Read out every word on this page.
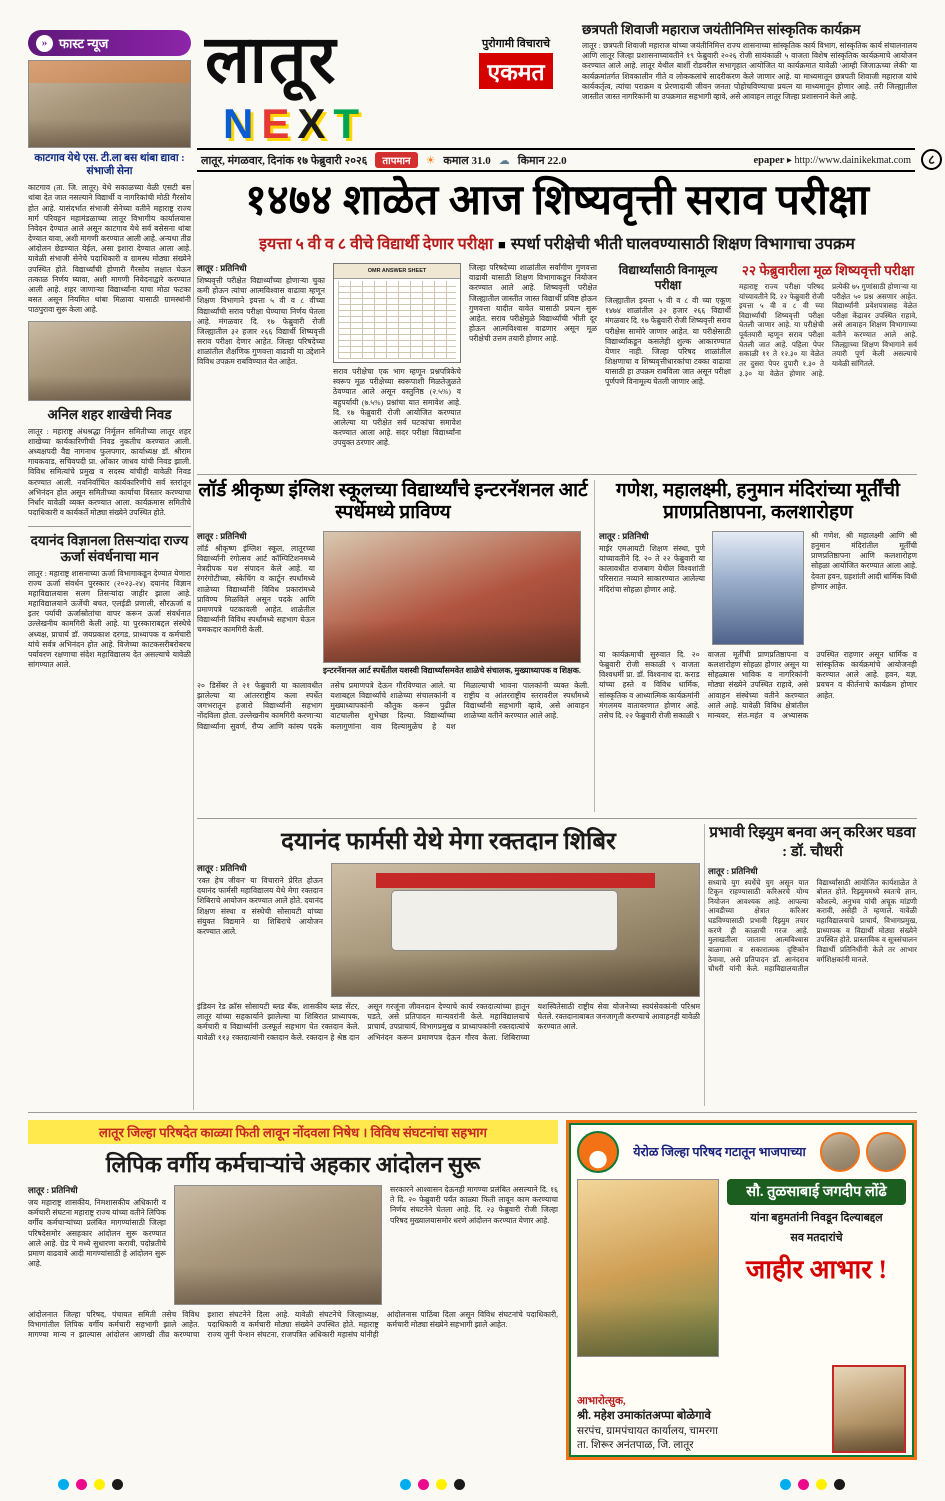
» फास्ट न्यूज
काटगाव येथे एस. टी.ला बस थांबा द्यावा : संभाजी सेना
काटगाव (ता. जि. लातूर) येथे सकाळच्या वेळी एसटी बस थांबा देत जात नसल्याने विद्यार्थी व नागरिकांची मोठी गैरसोय होत आहे. यासंदर्भात संभाजी सेनेच्या वतीने महाराष्ट्र राज्य मार्ग परिवहन महामंडळाच्या लातूर विभागीय कार्यालयास निवेदन देण्यात आले असून काटगाव येथे सर्व बसेसना थांबा देण्यात यावा, अशी मागणी करण्यात आली आहे. अन्यथा तीव्र आंदोलन छेडण्यात येईल, असा इशारा देण्यात आला आहे. यावेळी संभाजी सेनेचे पदाधिकारी व ग्रामस्थ मोठ्या संख्येने उपस्थित होते. विद्यार्थ्यांची होणारी गैरसोय लक्षात घेऊन तत्काळ निर्णय घ्यावा, अशी मागणी निवेदनाद्वारे करण्यात आली आहे. शहर जाणाऱ्या विद्यार्थ्यांना याचा मोठा फटका बसत असून नियमित थांबा मिळावा यासाठी ग्रामस्थांनी पाठपुरावा सुरू केला आहे.
अनिल शहर शाखेची निवड
लातूर : महाराष्ट्र अंधश्रद्धा निर्मूलन समितीच्या लातूर शहर शाखेच्या कार्यकारिणीची निवड नुकतीच करण्यात आली. अध्यक्षपदी वैद्य नागनाथ फुलपगार, कार्याध्यक्ष डॉ. श्रीराम गायकवाड, सचिवपदी प्रा. ओंकार जाधव यांची निवड झाली. विविध समित्यांचे प्रमुख व सदस्य यांचीही यावेळी निवड करण्यात आली. नवनिर्वाचित कार्यकारिणीचे सर्व स्तरांतून अभिनंदन होत असून समितीच्या कार्याचा विस्तार करण्याचा निर्धार यावेळी व्यक्त करण्यात आला. कार्यक्रमास समितीचे पदाधिकारी व कार्यकर्ते मोठ्या संख्येने उपस्थित होते.
दयानंद विज्ञानला तिसऱ्यांदा राज्य ऊर्जा संवर्धनाचा मान
लातूर : महाराष्ट्र शासनाच्या ऊर्जा विभागाकडून देण्यात येणारा राज्य ऊर्जा संवर्धन पुरस्कार (२०२३-२४) दयानंद विज्ञान महाविद्यालयास सलग तिसऱ्यांदा जाहीर झाला आहे. महाविद्यालयाने ऊर्जेची बचत, एलईडी प्रणाली, सौरऊर्जा व इतर पर्यायी ऊर्जास्रोतांचा वापर करून ऊर्जा संवर्धनात उल्लेखनीय कामगिरी केली आहे. या पुरस्काराबद्दल संस्थेचे अध्यक्ष, प्राचार्य डॉ. जयप्रकाश दरगड, प्राध्यापक व कर्मचारी यांचे सर्वत्र अभिनंदन होत आहे. विजेच्या काटकसरीबरोबरच पर्यावरण रक्षणाचा संदेश महाविद्यालय देत असल्याचे यावेळी सांगण्यात आले.
लातूर
NEXT
पुरोगामी विचाराचे
एकमत
छत्रपती शिवाजी महाराज जयंतीनिमित्त सांस्कृतिक कार्यक्रम
लातूर : छत्रपती शिवाजी महाराज यांच्या जयंतीनिमित्त राज्य शासनाच्या सांस्कृतिक कार्य विभाग, सांस्कृतिक कार्य संचालनालय आणि लातूर जिल्हा प्रशासनाच्यावतीने १९ फेब्रुवारी २०२६ रोजी सायंकाळी ५ वाजता विशेष सांस्कृतिक कार्यक्रमाचे आयोजन करण्यात आले आहे. लातूर येथील बार्शी रोडवरील सभागृहात आयोजित या कार्यक्रमात यावेळी 'आम्ही जिजाऊच्या लेकी' या कार्यक्रमांतर्गत शिवकालीन गीते व लोककलांचे सादरीकरण केले जाणार आहे. या माध्यमातून छत्रपती शिवाजी महाराज यांचे कार्यकर्तृत्व, त्यांचा पराक्रम व प्रेरणादायी जीवन जनता पोहोचविण्याचा प्रयत्न या माध्यमातून होणार आहे. तरी जिल्ह्यातील जास्तीत जास्त नागरिकांनी या उपक्रमात सहभागी व्हावे, असे आवाहन लातूर जिल्हा प्रशासनाने केले आहे.
लातूर, मंगळवार, दिनांक १७ फेब्रुवारी २०२६	तापमान	☀ कमाल 31.0 ☁ किमान 22.0	epaper ▸ http://www.dainikekmat.com	८
१४७४ शाळेत आज शिष्यवृत्ती सराव परीक्षा
इयत्ता ५ वी व ८ वीचे विद्यार्थी देणार परीक्षा ■ स्पर्धा परीक्षेची भीती घालवण्यासाठी शिक्षण विभागाचा उपक्रम
लातूर : प्रतिनिधी
शिष्यवृत्ती परीक्षेत विद्यार्थ्यांच्या होणाऱ्या चुका कमी होऊन त्यांचा आत्मविश्वास वाढावा म्हणून शिक्षण विभागाने इयत्ता ५ वी व ८ वीच्या विद्यार्थ्यांची सराव परीक्षा घेण्याचा निर्णय घेतला आहे. मंगळवार दि. १७ फेब्रुवारी रोजी जिल्ह्यातील ३२ हजार २६६ विद्यार्थी शिष्यवृत्ती सराव परीक्षा देणार आहेत. जिल्हा परिषदेच्या शाळांतील शैक्षणिक गुणवत्ता वाढावी या उद्देशाने विविध उपक्रम राबविण्यात येत आहेत.
OMR ANSWER SHEET
सराव परीक्षेचा एक भाग म्हणून प्रश्नपत्रिकेचे स्वरूप मूळ परीक्षेच्या स्वरूपाशी मिळतेजुळते ठेवण्यात आले असून वस्तुनिष्ठ (२.५%) व बहुपर्यायी (७.५%) प्रश्नांचा यात समावेश आहे. दि. १७ फेब्रुवारी रोजी आयोजित करण्यात आलेल्या या परीक्षेत सर्व घटकांचा समावेश करण्यात आला आहे. सदर परीक्षा विद्यार्थ्यांना उपयुक्त ठरणार आहे.
जिल्हा परिषदेच्या शाळांतील सर्वांगीण गुणवत्ता वाढावी यासाठी शिक्षण विभागाकडून नियोजन करण्यात आले आहे. शिष्यवृत्ती परीक्षेत जिल्ह्यातील जास्तीत जास्त विद्यार्थी प्रविष्ट होऊन गुणवत्ता यादीत यावेत यासाठी प्रयत्न सुरू आहेत. सराव परीक्षेमुळे विद्यार्थ्यांची भीती दूर होऊन आत्मविश्वास वाढणार असून मूळ परीक्षेची उत्तम तयारी होणार आहे.
विद्यार्थ्यांसाठी विनामूल्य परीक्षा
जिल्ह्यातील इयत्ता ५ वी व ८ वी च्या एकूण १४७४ शाळांतील ३२ हजार २६६ विद्यार्थी मंगळवार दि. १७ फेब्रुवारी रोजी शिष्यवृत्ती सराव परीक्षेस सामोरे जाणार आहेत. या परीक्षेसाठी विद्यार्थ्यांकडून कसलेही शुल्क आकारण्यात येणार नाही. जिल्हा परिषद शाळांतील शिक्षणाचा व शिष्यवृत्तीधारकांचा टक्का वाढावा यासाठी हा उपक्रम राबविला जात असून परीक्षा पूर्णपणे विनामूल्य घेतली जाणार आहे.
२२ फेब्रुवारीला मूळ शिष्यवृत्ती परीक्षा
महाराष्ट्र राज्य परीक्षा परिषद यांच्यावतीने दि. २२ फेब्रुवारी रोजी इयत्ता ५ वी व ८ वी च्या विद्यार्थ्यांची शिष्यवृत्ती परीक्षा घेतली जाणार आहे. या परीक्षेची पूर्वतयारी म्हणून सराव परीक्षा घेतली जात आहे. पहिला पेपर सकाळी ११ ते १२.३० या वेळेत तर दुसरा पेपर दुपारी १.३० ते ३.३० या वेळेत होणार आहे. प्रत्येकी ७५ गुणांसाठी होणाऱ्या या परीक्षेत ५० प्रश्न असणार आहेत. विद्यार्थ्यांनी प्रवेशपत्रासह वेळेत परीक्षा केंद्रावर उपस्थित राहावे, असे आवाहन शिक्षण विभागाच्या वतीने करण्यात आले आहे. जिल्ह्याच्या शिक्षण विभागाने सर्व तयारी पूर्ण केली असल्याचे यावेळी सांगितले.
लॉर्ड श्रीकृष्ण इंग्लिश स्कूलच्या विद्यार्थ्यांचे इन्टरनॅशनल आर्ट स्पर्धेमध्ये प्राविण्य
लातूर : प्रतिनिधी
लॉर्ड श्रीकृष्ण इंग्लिश स्कूल, लातूरच्या विद्यार्थ्यांनी रंगोत्सव आर्ट कॉम्पिटिशनमध्ये नेत्रदीपक यश संपादन केले आहे. या रंगरंगोटीच्या, स्केचिंग व कार्टून स्पर्धांमध्ये शाळेच्या विद्यार्थ्यांनी विविध प्रकारांमध्ये प्राविण्य मिळविले असून पदके आणि प्रमाणपत्रे पटकावली आहेत. शाळेतील विद्यार्थ्यांनी विविध स्पर्धांमध्ये सहभाग घेऊन चमकदार कामगिरी केली.
इन्टरनॅशनल आर्ट स्पर्धेतील यशस्वी विद्यार्थ्यांसमवेत शाळेचे संचालक, मुख्याध्यापक व शिक्षक.
२० डिसेंबर ते २१ फेब्रुवारी या कालावधीत झालेल्या या आंतरराष्ट्रीय कला स्पर्धेत जगभरातून हजारो विद्यार्थ्यांनी सहभाग नोंदविला होता. उल्लेखनीय कामगिरी करणाऱ्या विद्यार्थ्यांना सुवर्ण, रौप्य आणि कांस्य पदके तसेच प्रमाणपत्रे देऊन गौरविण्यात आले. या यशाबद्दल विद्यार्थ्यांचे शाळेच्या संचालकांनी व मुख्याध्यापकांनी कौतुक करून पुढील वाटचालीस शुभेच्छा दिल्या. विद्यार्थ्यांच्या कलागुणांना वाव दिल्यामुळेच हे यश मिळाल्याची भावना पालकांनी व्यक्त केली. राष्ट्रीय व आंतरराष्ट्रीय स्तरावरील स्पर्धांमध्ये विद्यार्थ्यांनी सहभागी व्हावे, असे आवाहन शाळेच्या वतीने करण्यात आले आहे.
गणेश, महालक्ष्मी, हनुमान मंदिरांच्या मूर्तींची प्राणप्रतिष्ठापना, कलशारोहण
लातूर : प्रतिनिधी
माईर एमआयटी शिक्षण संस्था, पुणे यांच्यावतीने दि. २० ते २२ फेब्रुवारी या कालावधीत राजबाग येथील विश्वशांती परिसरात नव्याने साकारण्यात आलेल्या मंदिरांचा सोहळा होणार आहे.
श्री गणेश, श्री महालक्ष्मी आणि श्री हनुमान मंदिरांतील मूर्तींची प्राणप्रतिष्ठापना आणि कलशारोहण सोहळा आयोजित करण्यात आला आहे. देवता हवन, ग्रहशांती आदी धार्मिक विधी होणार आहेत.
या कार्यक्रमाची सुरुवात दि. २० फेब्रुवारी रोजी सकाळी ९ वाजता विश्वधर्मी प्रा. डॉ. विश्वनाथ दा. कराड यांच्या हस्ते व विविध धार्मिक, सांस्कृतिक व आध्यात्मिक कार्यक्रमांनी मंगलमय वातावरणात होणार आहे. तसेच दि. २२ फेब्रुवारी रोजी सकाळी ९ वाजता मूर्तींची प्राणप्रतिष्ठापना व कलशारोहण सोहळा होणार असून या सोहळ्यास भाविक व नागरिकांनी मोठ्या संख्येने उपस्थित राहावे, असे आवाहन संस्थेच्या वतीने करण्यात आले आहे. यावेळी विविध क्षेत्रांतील मान्यवर, संत-महंत व अभ्यासक उपस्थित राहणार असून धार्मिक व सांस्कृतिक कार्यक्रमांचे आयोजनही करण्यात आले आहे. हवन, यज्ञ, प्रवचन व कीर्तनाचे कार्यक्रम होणार आहेत.
दयानंद फार्मसी येथे मेगा रक्तदान शिबिर
लातूर : प्रतिनिधी
'रक्त हेच जीवन' या विचाराने प्रेरित होऊन दयानंद फार्मसी महाविद्यालय येथे मेगा रक्तदान शिबिराचे आयोजन करण्यात आले होते. दयानंद शिक्षण संस्था व संस्थेची सोसायटी यांच्या संयुक्त विद्यमाने या शिबिराचे आयोजन करण्यात आले.
इंडियन रेड क्रॉस सोसायटी ब्लड बँक, शासकीय ब्लड सेंटर, लातूर यांच्या सहकार्याने झालेल्या या शिबिरात प्राध्यापक, कर्मचारी व विद्यार्थ्यांनी उत्स्फूर्त सहभाग घेत रक्तदान केले. यावेळी ११३ रक्तदात्यांनी रक्तदान केले. रक्तदान हे श्रेष्ठ दान असून गरजूंना जीवनदान देण्याचे कार्य रक्तदात्यांच्या हातून घडते, असे प्रतिपादन मान्यवरांनी केले. महाविद्यालयाचे प्राचार्य, उपप्राचार्य, विभागप्रमुख व प्राध्यापकांनी रक्तदात्यांचे अभिनंदन करून प्रमाणपत्र देऊन गौरव केला. शिबिराच्या यशस्वितेसाठी राष्ट्रीय सेवा योजनेच्या स्वयंसेवकांनी परिश्रम घेतले. रक्तदानाबाबत जनजागृती करण्याचे आवाहनही यावेळी करण्यात आले.
प्रभावी रिझ्युम बनवा अन् करिअर घडवा : डॉ. चौधरी
लातूर : प्रतिनिधी
सध्याचे युग स्पर्धेचे युग असून यात टिकून राहण्यासाठी करिअरचे योग्य नियोजन आवश्यक आहे. आपल्या आवडीच्या क्षेत्रात करिअर घडविण्यासाठी प्रभावी रिझ्युम तयार करणे ही काळाची गरज आहे. मुलाखतीला जाताना आत्मविश्वास बाळगावा व सकारात्मक दृष्टिकोन ठेवावा, असे प्रतिपादन डॉ. आनंदराव चौधरी यांनी केले. महाविद्यालयातील विद्यार्थ्यांसाठी आयोजित कार्यशाळेत ते बोलत होते. रिझ्युममध्ये स्वतःचे ज्ञान, कौशल्ये, अनुभव यांची अचूक मांडणी करावी, असेही ते म्हणाले. यावेळी महाविद्यालयाचे प्राचार्य, विभागप्रमुख, प्राध्यापक व विद्यार्थी मोठ्या संख्येने उपस्थित होते. प्रास्ताविक व सूत्रसंचालन विद्यार्थी प्रतिनिधींनी केले तर आभार वर्गशिक्षकांनी मानले.
लातूर जिल्हा परिषदेत काळ्या फिती लावून नोंदवला निषेध । विविध संघटनांचा सहभाग
लिपिक वर्गीय कर्मचाऱ्यांचे अहकार आंदोलन सुरू
लातूर : प्रतिनिधी
जय महाराष्ट्र शासकीय, निमशासकीय अधिकारी व कर्मचारी संघटना महाराष्ट्र राज्य यांच्या वतीने लिपिक वर्गीय कर्मचाऱ्यांच्या प्रलंबित मागण्यांसाठी जिल्हा परिषदेसमोर असहकार आंदोलन सुरू करण्यात आले आहे. ग्रेड पे मध्ये सुधारणा करावी, पदोन्नतीचे प्रमाण वाढवावे आदी मागण्यांसाठी हे आंदोलन सुरू आहे.
सरकारने आश्वासन देऊनही मागण्या प्रलंबित असल्याने दि. १६ ते दि. २० फेब्रुवारी पर्यंत काळ्या फिती लावून काम करण्याचा निर्णय संघटनेने घेतला आहे. दि. २३ फेब्रुवारी रोजी जिल्हा परिषद मुख्यालयासमोर धरणे आंदोलन करण्यात येणार आहे.
आंदोलनात जिल्हा परिषद, पंचायत समिती तसेच विविध विभागांतील लिपिक वर्गीय कर्मचारी सहभागी झाले आहेत. मागण्या मान्य न झाल्यास आंदोलन आणखी तीव्र करण्याचा इशारा संघटनेने दिला आहे. यावेळी संघटनेचे जिल्हाध्यक्ष, पदाधिकारी व कर्मचारी मोठ्या संख्येने उपस्थित होते. महाराष्ट्र राज्य जुनी पेन्शन संघटना, राजपत्रित अधिकारी महासंघ यांनीही आंदोलनास पाठिंबा दिला असून विविध संघटनांचे पदाधिकारी, कर्मचारी मोठ्या संख्येने सहभागी झाले आहेत.
येरोळ जिल्हा परिषद गटातून भाजपाच्या
सौ. तुळसाबाई जगदीप लोंढे
यांना बहुमतांनी निवडून दिल्याबद्दल
सव मतदारांचे
जाहीर आभार !
आभारोत्सुक,
श्री. महेश उमाकांतअप्पा बोळेगावे
सरपंच, ग्रामपंचायत कार्यालय, चामरगा
ता. शिरूर अनंतपाळ, जि. लातूर
